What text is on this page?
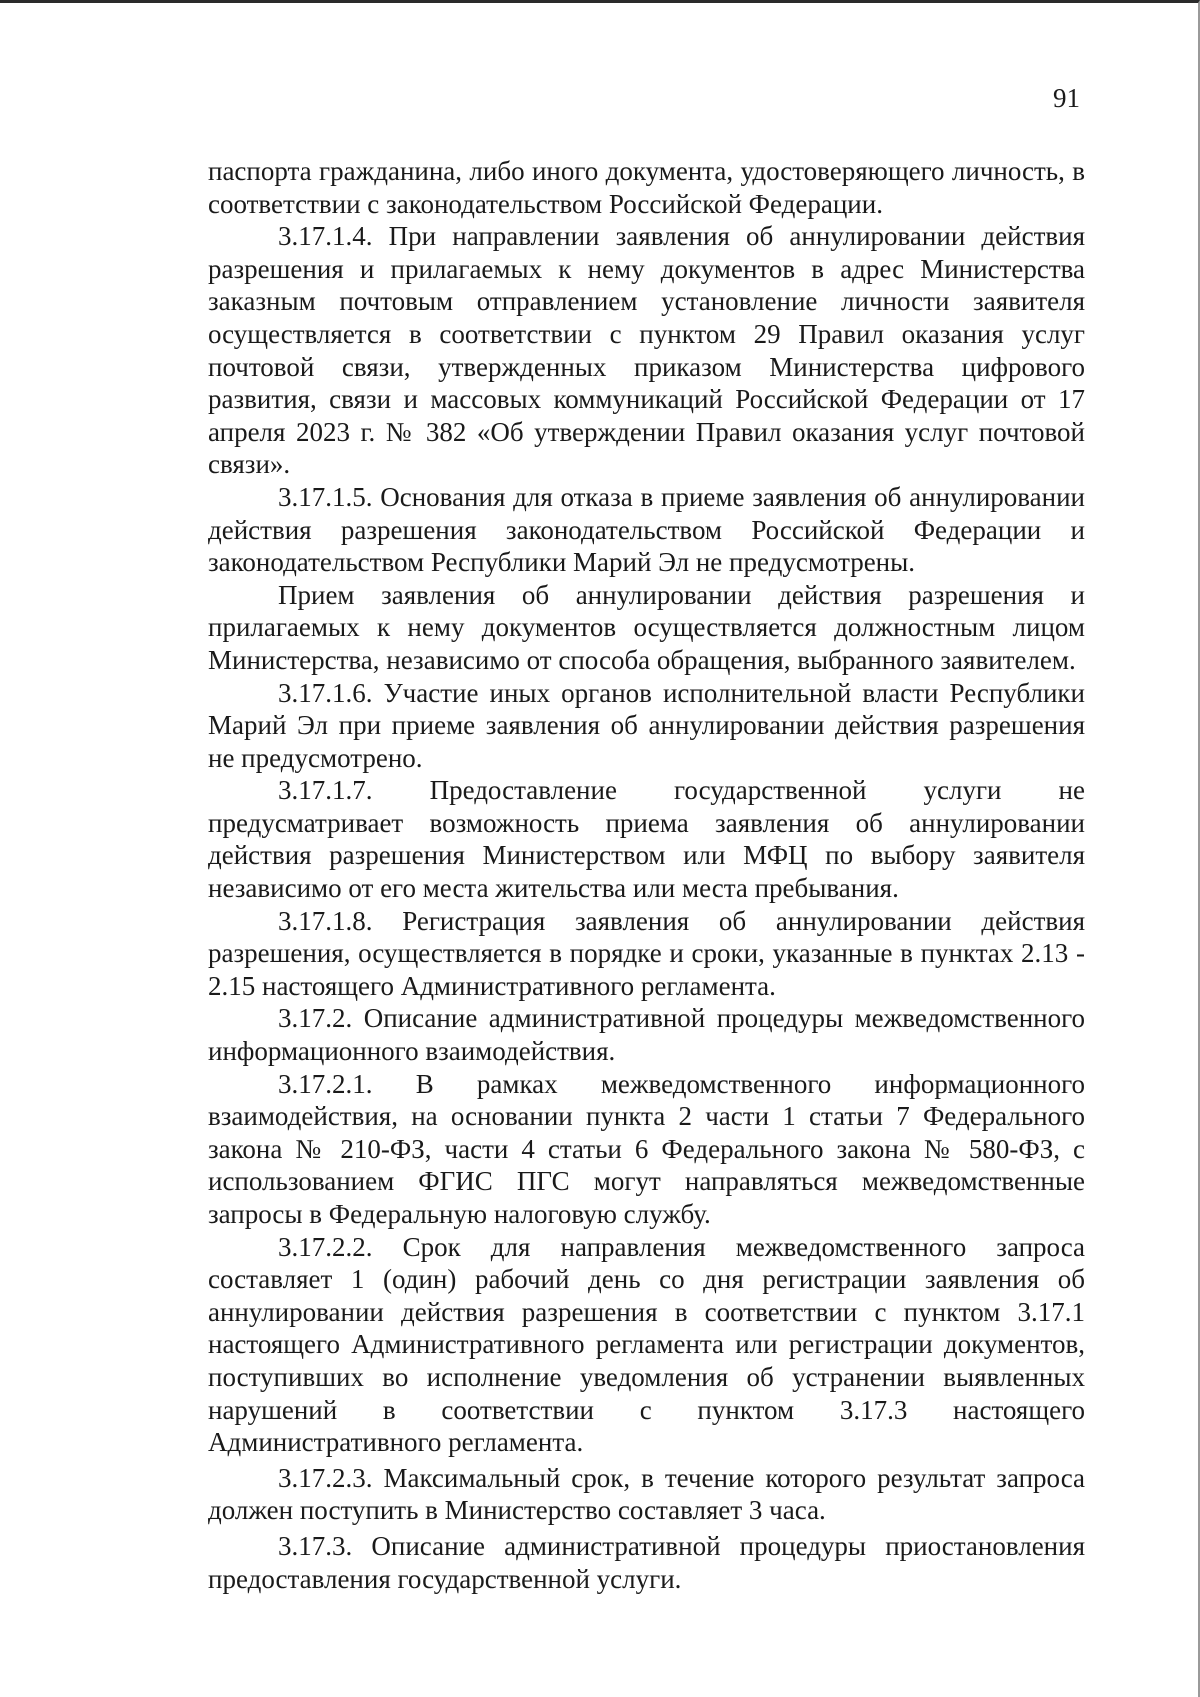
91

паспорта гражданина, либо иного документа, удостоверяющего личность, в соответствии с законодательством Российской Федерации.

3.17.1.4. При направлении заявления об аннулировании действия разрешения и прилагаемых к нему документов в адрес Министерства заказным почтовым отправлением установление личности заявителя осуществляется в соответствии с пунктом 29 Правил оказания услуг почтовой связи, утвержденных приказом Министерства цифрового развития, связи и массовых коммуникаций Российской Федерации от 17 апреля 2023 г. № 382 «Об утверждении Правил оказания услуг почтовой связи».

3.17.1.5. Основания для отказа в приеме заявления об аннулировании действия разрешения законодательством Российской Федерации и законодательством Республики Марий Эл не предусмотрены.

Прием заявления об аннулировании действия разрешения и прилагаемых к нему документов осуществляется должностным лицом Министерства, независимо от способа обращения, выбранного заявителем.

3.17.1.6. Участие иных органов исполнительной власти Республики Марий Эл при приеме заявления об аннулировании действия разрешения не предусмотрено.

3.17.1.7. Предоставление государственной услуги не предусматривает возможность приема заявления об аннулировании действия разрешения Министерством или МФЦ по выбору заявителя независимо от его места жительства или места пребывания.

3.17.1.8. Регистрация заявления об аннулировании действия разрешения, осуществляется в порядке и сроки, указанные в пунктах 2.13 - 2.15 настоящего Административного регламента.

3.17.2. Описание административной процедуры межведомственного информационного взаимодействия.

3.17.2.1. В рамках межведомственного информационного взаимодействия, на основании пункта 2 части 1 статьи 7 Федерального закона № 210-ФЗ, части 4 статьи 6 Федерального закона № 580-ФЗ, с использованием ФГИС ПГС могут направляться межведомственные запросы в Федеральную налоговую службу.

3.17.2.2. Срок для направления межведомственного запроса составляет 1 (один) рабочий день со дня регистрации заявления об аннулировании действия разрешения в соответствии с пунктом 3.17.1 настоящего Административного регламента или регистрации документов, поступивших во исполнение уведомления об устранении выявленных нарушений в соответствии с пунктом 3.17.3 настоящего Административного регламента.

3.17.2.3. Максимальный срок, в течение которого результат запроса должен поступить в Министерство составляет 3 часа.

3.17.3. Описание административной процедуры приостановления предоставления государственной услуги.
